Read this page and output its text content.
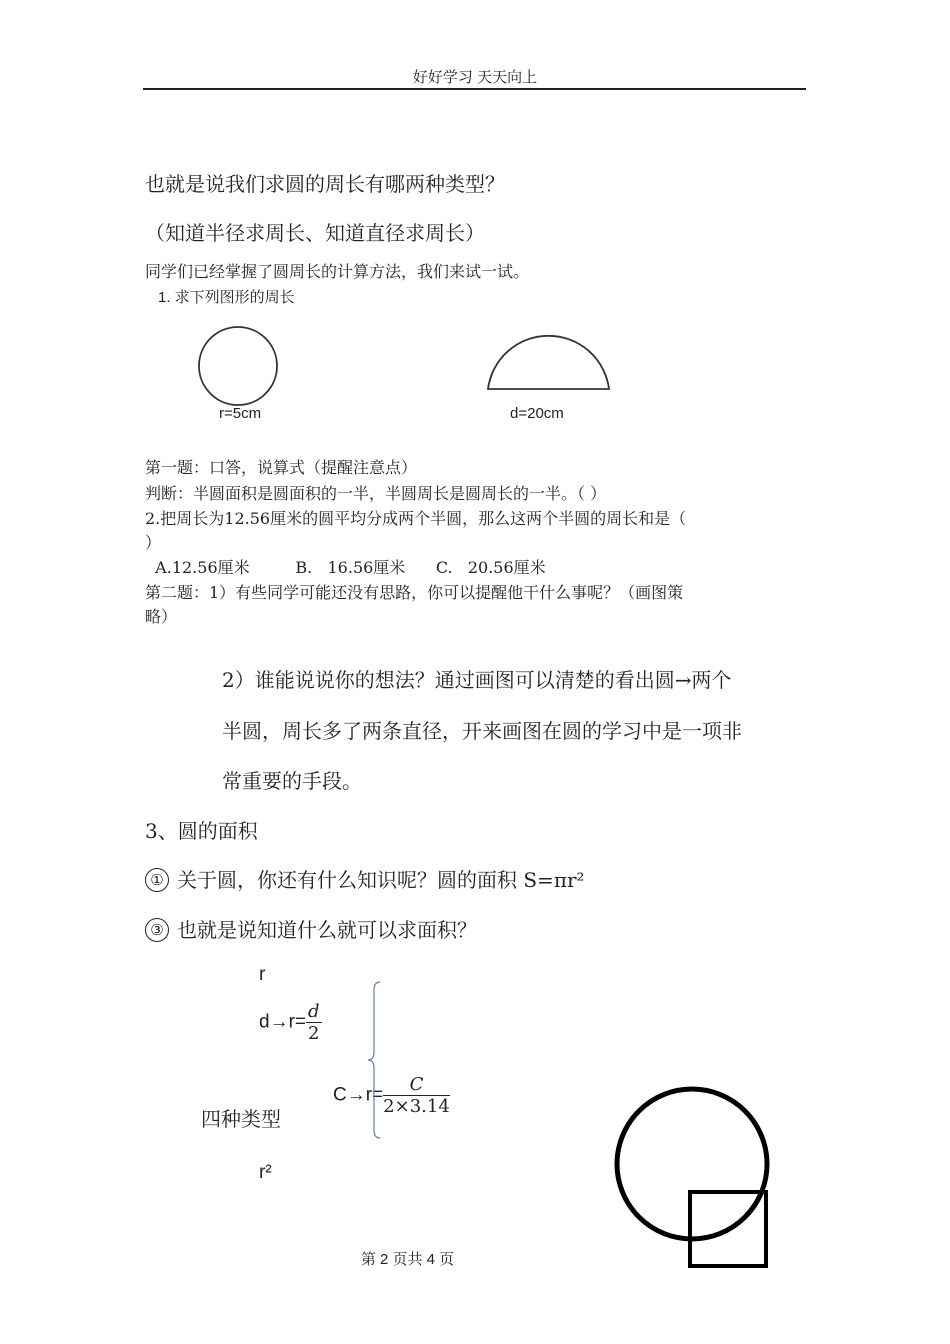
好好学习 天天向上
也就是说我们求圆的周长有哪两种类型？
（知道半径求周长、知道直径求周长）
同学们已经掌握了圆周长的计算方法，我们来试一试。
1. 求下列图形的周长
r=5cm	d=20cm
第一题：口答，说算式（提醒注意点）
判断：半圆面积是圆面积的一半，半圆周长是圆周长的一半。（ ）
2.把周长为12.56厘米的圆平均分成两个半圆，那么这两个半圆的周长和是（
）
A.12.56厘米         B.   16.56厘米      C.   20.56厘米
第二题：1）有些同学可能还没有思路，你可以提醒他干什么事呢？（画图策
略）
2）谁能说说你的想法？通过画图可以清楚的看出圆→两个
半圆，周长多了两条直径，开来画图在圆的学习中是一项非
常重要的手段。
3、圆的面积
① 关于圆，你还有什么知识呢？圆的面积 S=πr²
③ 也就是说知道什么就可以求面积？
r
$d\to r= \frac{d}{2}$
四种类型
$C\to r= \frac{C}{2\times 3.14}$
r²
第 2 页共 4 页
